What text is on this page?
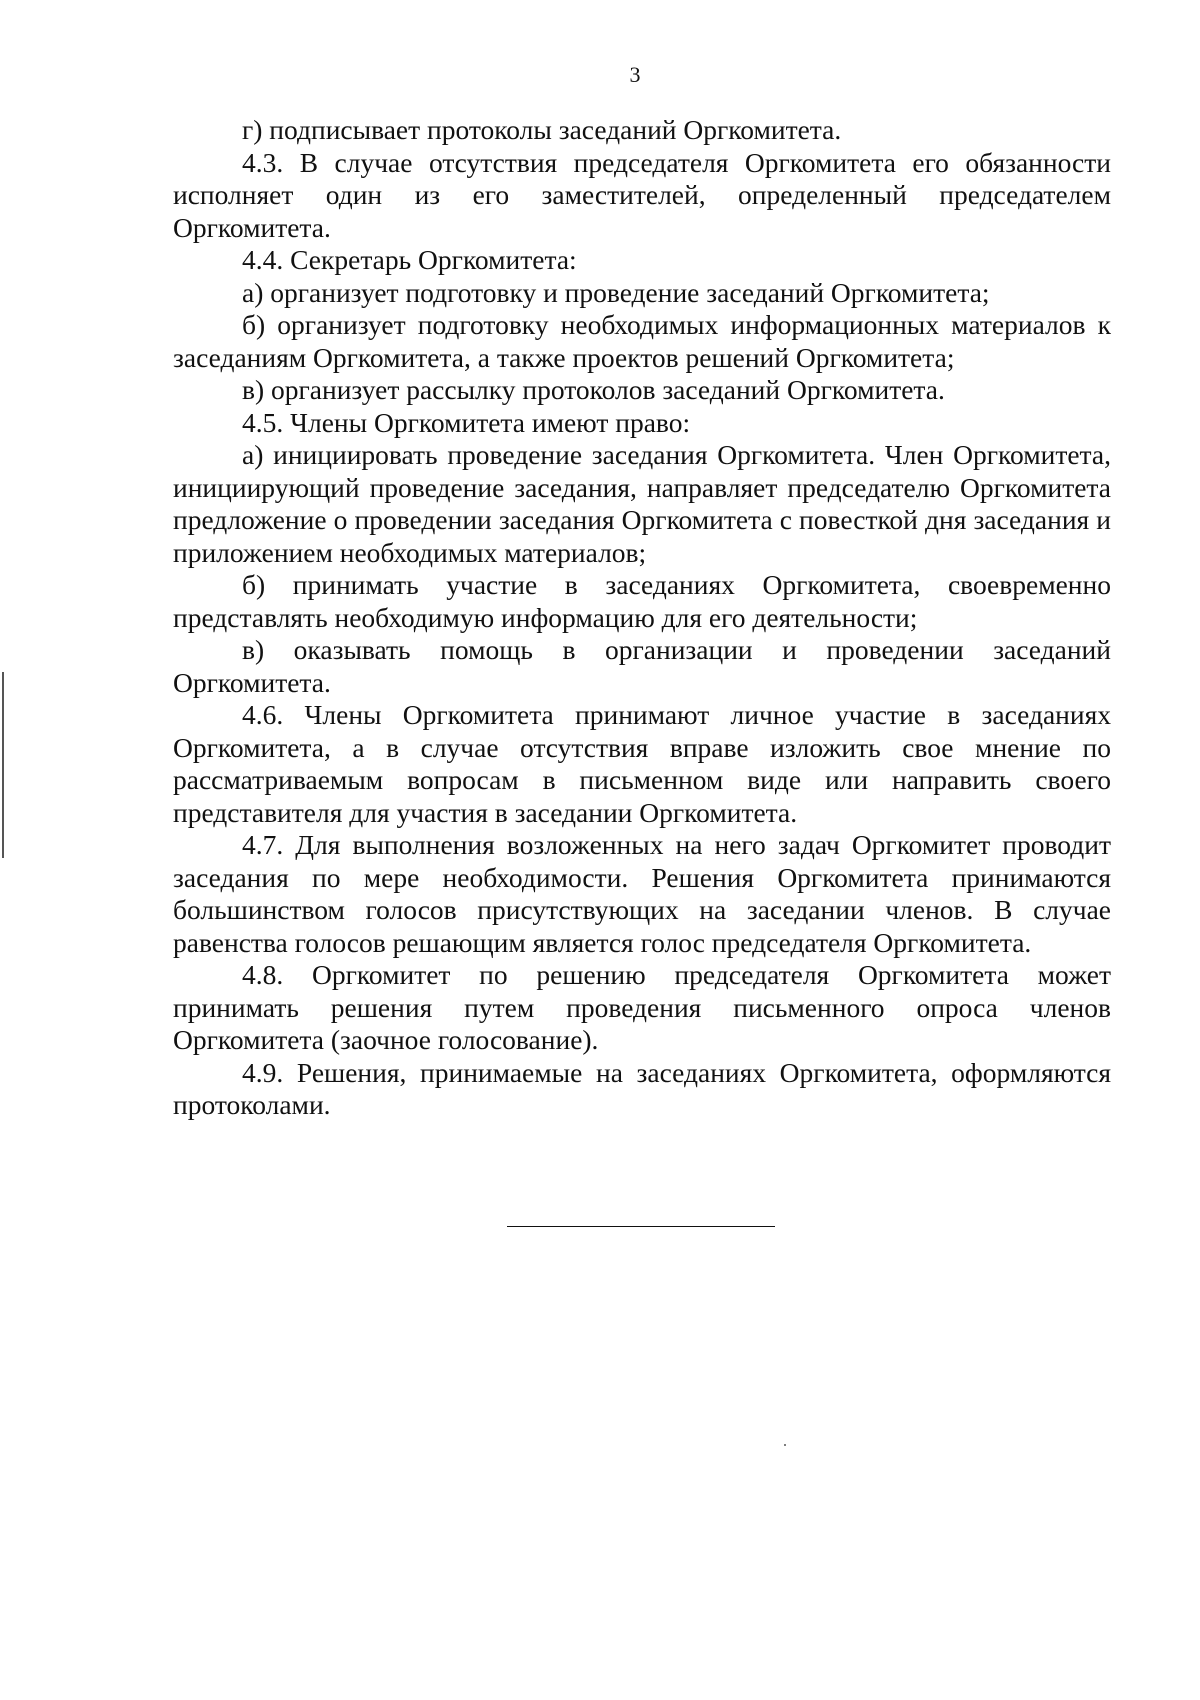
3

г) подписывает протоколы заседаний Оргкомитета.

4.3. В случае отсутствия председателя Оргкомитета его обязанности исполняет один из его заместителей, определенный председателем Оргкомитета.

4.4. Секретарь Оргкомитета:

а) организует подготовку и проведение заседаний Оргкомитета;

б) организует подготовку необходимых информационных материалов к заседаниям Оргкомитета, а также проектов решений Оргкомитета;

в) организует рассылку протоколов заседаний Оргкомитета.

4.5. Члены Оргкомитета имеют право:

а) инициировать проведение заседания Оргкомитета. Член Оргкомитета, инициирующий проведение заседания, направляет председателю Оргкомитета предложение о проведении заседания Оргкомитета с повесткой дня заседания и приложением необходимых материалов;

б) принимать участие в заседаниях Оргкомитета, своевременно представлять необходимую информацию для его деятельности;

в) оказывать помощь в организации и проведении заседаний Оргкомитета.

4.6. Члены Оргкомитета принимают личное участие в заседаниях Оргкомитета, а в случае отсутствия вправе изложить свое мнение по рассматриваемым вопросам в письменном виде или направить своего представителя для участия в заседании Оргкомитета.

4.7. Для выполнения возложенных на него задач Оргкомитет проводит заседания по мере необходимости. Решения Оргкомитета принимаются большинством голосов присутствующих на заседании членов. В случае равенства голосов решающим является голос председателя Оргкомитета.

4.8. Оргкомитет по решению председателя Оргкомитета может принимать решения путем проведения письменного опроса членов Оргкомитета (заочное голосование).

4.9. Решения, принимаемые на заседаниях Оргкомитета, оформляются протоколами.
